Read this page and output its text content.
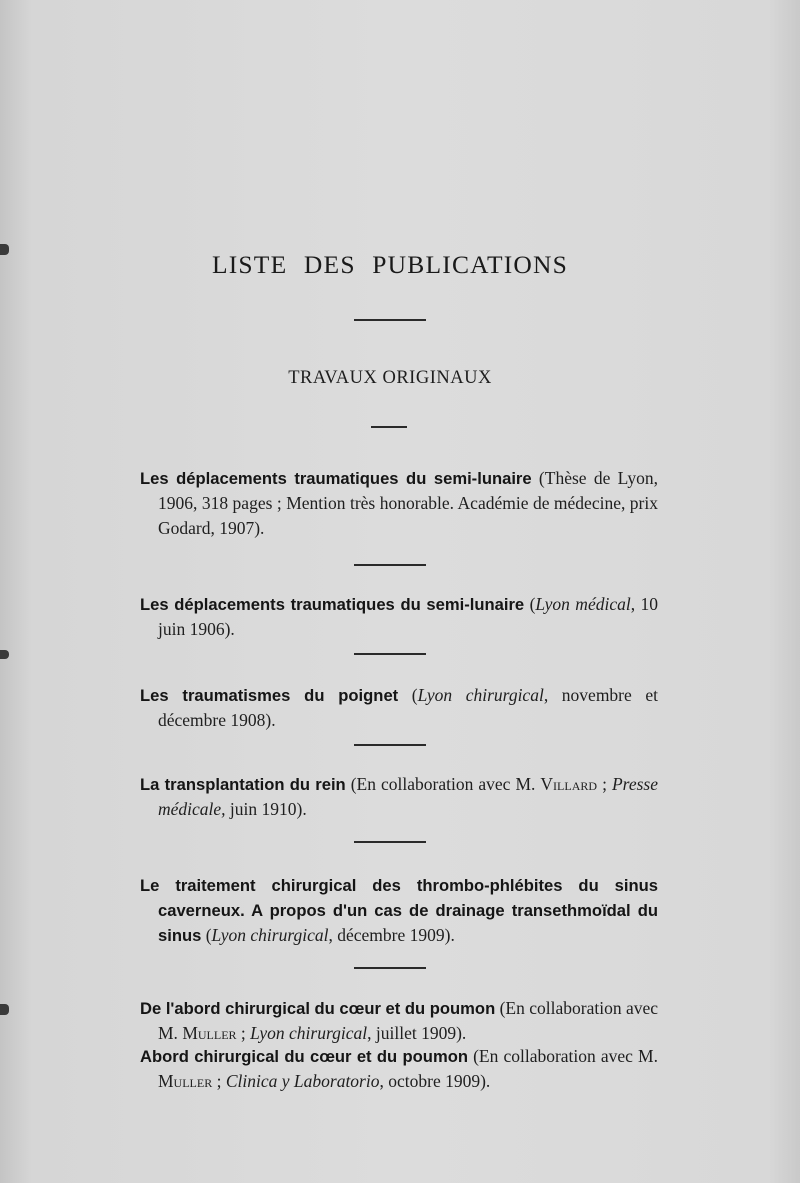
LISTE DES PUBLICATIONS
TRAVAUX ORIGINAUX
Les déplacements traumatiques du semi-lunaire (Thèse de Lyon, 1906, 318 pages ; Mention très honorable. Académie de médecine, prix Godard, 1907).
Les déplacements traumatiques du semi-lunaire (Lyon médical, 10 juin 1906).
Les traumatismes du poignet (Lyon chirurgical, novembre et décembre 1908).
La transplantation du rein (En collaboration avec M. Villard ; Presse médicale, juin 1910).
Le traitement chirurgical des thrombo-phlébites du sinus caverneux. A propos d'un cas de drainage transethmoïdal du sinus (Lyon chirurgical, décembre 1909).
De l'abord chirurgical du cœur et du poumon (En collaboration avec M. Muller ; Lyon chirurgical, juillet 1909).
Abord chirurgical du cœur et du poumon (En collaboration avec M. Muller ; Clinica y Laboratorio, octobre 1909).
